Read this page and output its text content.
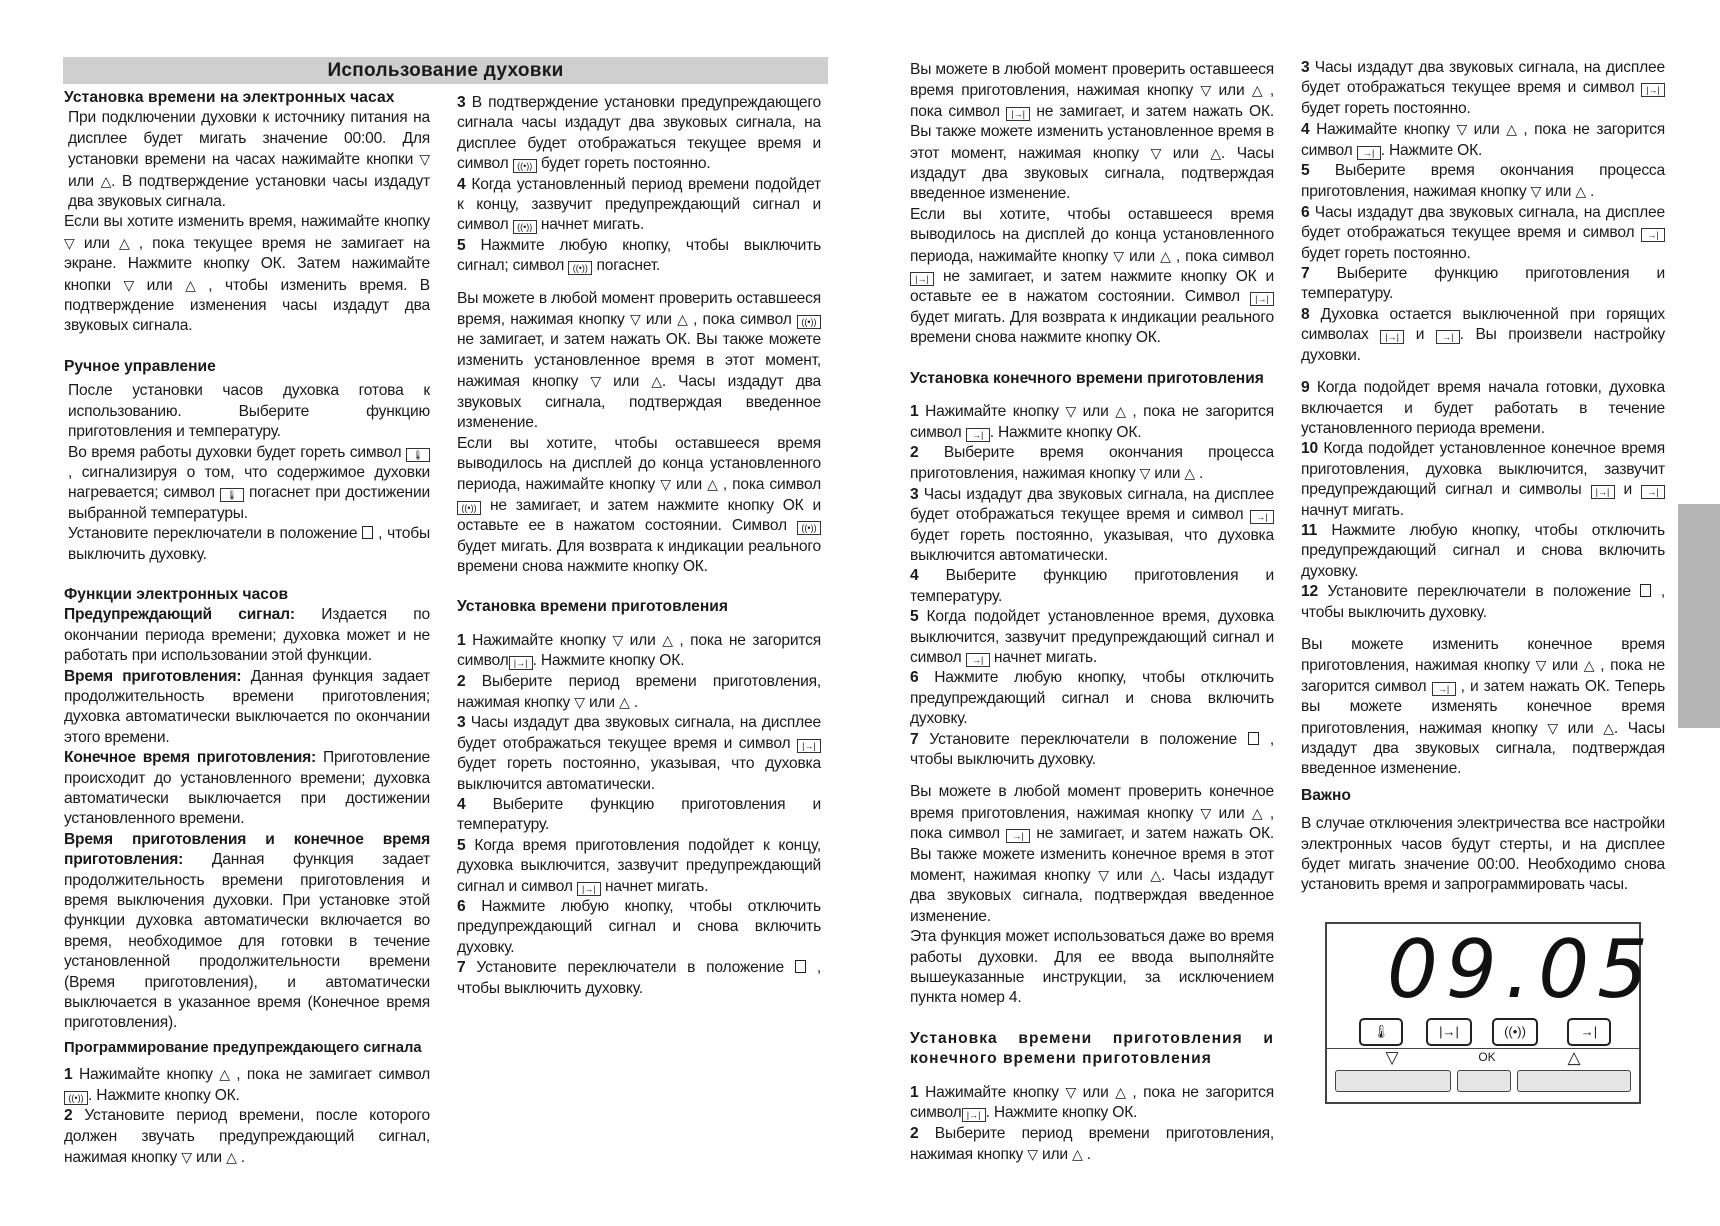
Использование духовки

Установка времени на электронных часах

При подключении духовки к источнику питания на дисплее будет мигать значение 00:00. Для установки времени на часах нажимайте кнопки ▽ или △. В подтверждение установки часы издадут два звуковых сигнала.

Если вы хотите изменить время, нажимайте кнопку ▽ или △ , пока текущее время не замигает на экране. Нажмите кнопку ОК. Затем нажимайте кнопки ▽ или △ , чтобы изменить время. В подтверждение изменения часы издадут два звуковых сигнала.

Ручное управление

После установки часов духовка готова к использованию. Выберите функцию приготовления и температуру.

Во время работы духовки будет гореть символ 🌡 , сигнализируя о том, что содержимое духовки нагревается; символ 🌡 погаснет при достижении выбранной температуры.

Установите переключатели в положение , чтобы выключить духовку.

Функции электронных часов

Предупреждающий сигнал: Издается по окончании периода времени; духовка может и не работать при использовании этой функции.

Время приготовления: Данная функция задает продолжительность времени приготовления; духовка автоматически выключается по окончании этого времени.

Конечное время приготовления: Приготовление происходит до установленного времени; духовка автоматически выключается при достижении установленного времени.

Время приготовления и конечное время приготовления: Данная функция задает продолжительность времени приготовления и время выключения духовки. При установке этой функции духовка автоматически включается во время, необходимое для готовки в течение установленной продолжительности времени (Время приготовления), и автоматически выключается в указанное время (Конечное время приготовления).

Программирование предупреждающего сигнала

1 Нажимайте кнопку △ , пока не замигает символ ((•)) . Нажмите кнопку ОК.

2 Установите период времени, после которого должен звучать предупреждающий сигнал, нажимая кнопку ▽ или △ .

3 В подтверждение установки предупреждающего сигнала часы издадут два звуковых сигнала, на дисплее будет отображаться текущее время и символ ((•)) будет гореть постоянно.

4 Когда установленный период времени подойдет к концу, зазвучит предупреждающий сигнал и символ ((•)) начнет мигать.

5 Нажмите любую кнопку, чтобы выключить сигнал; символ ((•)) погаснет.

Вы можете в любой момент проверить оставшееся время, нажимая кнопку ▽ или △ , пока символ ((•)) не замигает, и затем нажать ОК. Вы также можете изменить установленное время в этот момент, нажимая кнопку ▽ или △. Часы издадут два звуковых сигнала, подтверждая введенное изменение.

Если вы хотите, чтобы оставшееся время выводилось на дисплей до конца установленного периода, нажимайте кнопку ▽ или △ , пока символ ((•)) не замигает, и затем нажмите кнопку ОК и оставьте ее в нажатом состоянии. Символ ((•)) будет мигать. Для возврата к индикации реального времени снова нажмите кнопку ОК.

Установка времени приготовления

1 Нажимайте кнопку ▽ или △ , пока не загорится символ |→| . Нажмите кнопку ОК.

2 Выберите период времени приготовления, нажимая кнопку ▽ или △ .

3 Часы издадут два звуковых сигнала, на дисплее будет отображаться текущее время и символ |→| будет гореть постоянно, указывая, что духовка выключится автоматически.

4 Выберите функцию приготовления и температуру.

5 Когда время приготовления подойдет к концу, духовка выключится, зазвучит предупреждающий сигнал и символ |→| начнет мигать.

6 Нажмите любую кнопку, чтобы отключить предупреждающий сигнал и снова включить духовку.

7 Установите переключатели в положение , чтобы выключить духовку.

Вы можете в любой момент проверить оставшееся время приготовления, нажимая кнопку ▽ или △ , пока символ |→| не замигает, и затем нажать ОК. Вы также можете изменить установленное время в этот момент, нажимая кнопку ▽ или △. Часы издадут два звуковых сигнала, подтверждая введенное изменение.

Если вы хотите, чтобы оставшееся время выводилось на дисплей до конца установленного периода, нажимайте кнопку ▽ или △ , пока символ |→| не замигает, и затем нажмите кнопку ОК и оставьте ее в нажатом состоянии. Символ |→| будет мигать. Для возврата к индикации реального времени снова нажмите кнопку ОК.

Установка конечного времени приготовления

1 Нажимайте кнопку ▽ или △ , пока не загорится символ →| . Нажмите кнопку ОК.

2 Выберите время окончания процесса приготовления, нажимая кнопку ▽ или △ .

3 Часы издадут два звуковых сигнала, на дисплее будет отображаться текущее время и символ →| будет гореть постоянно, указывая, что духовка выключится автоматически.

4 Выберите функцию приготовления и температуру.

5 Когда подойдет установленное время, духовка выключится, зазвучит предупреждающий сигнал и символ →| начнет мигать.

6 Нажмите любую кнопку, чтобы отключить предупреждающий сигнал и снова включить духовку.

7 Установите переключатели в положение , чтобы выключить духовку.

Вы можете в любой момент проверить конечное время приготовления, нажимая кнопку ▽ или △ , пока символ →| не замигает, и затем нажать ОК. Вы также можете изменить конечное время в этот момент, нажимая кнопку ▽ или △. Часы издадут два звуковых сигнала, подтверждая введенное изменение.

Эта функция может использоваться даже во время работы духовки. Для ее ввода выполняйте вышеуказанные инструкции, за исключением пункта номер 4.

Установка времени приготовления и конечного времени приготовления

1 Нажимайте кнопку ▽ или △ , пока не загорится символ |→| . Нажмите кнопку ОК.

2 Выберите период времени приготовления, нажимая кнопку ▽ или △ .

3 Часы издадут два звуковых сигнала, на дисплее будет отображаться текущее время и символ |→| будет гореть постоянно.

4 Нажимайте кнопку ▽ или △ , пока не загорится символ →| . Нажмите ОК.

5 Выберите время окончания процесса приготовления, нажимая кнопку ▽ или △ .

6 Часы издадут два звуковых сигнала, на дисплее будет отображаться текущее время и символ →| будет гореть постоянно.

7 Выберите функцию приготовления и температуру.

8 Духовка остается выключенной при горящих символах |→| и →| . Вы произвели настройку духовки.

9 Когда подойдет время начала готовки, духовка включается и будет работать в течение установленного периода времени.

10 Когда подойдет установленное конечное время приготовления, духовка выключится, зазвучит предупреждающий сигнал и символы |→| и →| начнут мигать.

11 Нажмите любую кнопку, чтобы отключить предупреждающий сигнал и снова включить духовку.

12 Установите переключатели в положение , чтобы выключить духовку.

Вы можете изменить конечное время приготовления, нажимая кнопку ▽ или △ , пока не загорится символ →| , и затем нажать ОК. Теперь вы можете изменять конечное время приготовления, нажимая кнопку ▽ или △. Часы издадут два звуковых сигнала, подтверждая введенное изменение.

Важно

В случае отключения электричества все настройки электронных часов будут стерты, и на дисплее будет мигать значение 00:00. Необходимо снова установить время и запрограммировать часы.

09.05
🌡	|→|	((•))	→|
▽	OK	△
